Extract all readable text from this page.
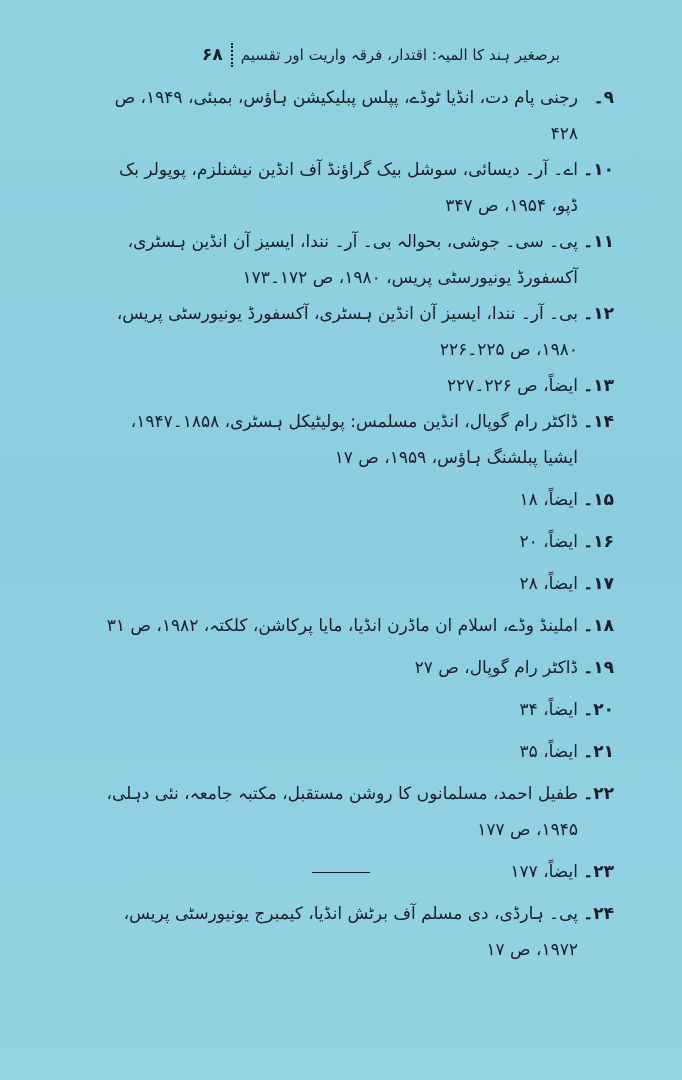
۶۸ برصغیر ہند کا المیہ: اقتدار، فرقہ واریت اور تقسیم
۹۔
رجنی پام دت، انڈیا ٹوڈے، پپلس پبلیکیشن ہاؤس، بمبئی، ۱۹۴۹، ص ۴۲۸
۱۰۔
اے۔ آر۔ دیسائی، سوشل بیک گراؤنڈ آف انڈین نیشنلزم، پوپولر بک ڈپو، ۱۹۵۴، ص ۳۴۷
۱۱۔
پی۔ سی۔ جوشی، بحوالہ بی۔ آر۔ نندا، ایسیز آن انڈین ہسٹری، آکسفورڈ یونیورسٹی پریس، ۱۹۸۰، ص ۱۷۲۔۱۷۳
۱۲۔
بی۔ آر۔ نندا، ایسیز آن انڈین ہسٹری، آکسفورڈ یونیورسٹی پریس، ۱۹۸۰، ص ۲۲۵۔۲۲۶
۱۳۔
ایضاً، ص ۲۲۶۔۲۲۷
۱۴۔
ڈاکٹر رام گوپال، انڈین مسلمس: پولیٹیکل ہسٹری، ۱۸۵۸۔۱۹۴۷، ایشیا پبلشنگ ہاؤس، ۱۹۵۹، ص ۱۷
۱۵۔
ایضاً، ۱۸
۱۶۔
ایضاً، ۲۰
۱۷۔
ایضاً، ۲۸
۱۸۔
املینڈ وڈے، اسلام ان ماڈرن انڈیا، مایا پرکاشن، کلکتہ، ۱۹۸۲، ص ۳۱
۱۹۔
ڈاکٹر رام گوپال، ص ۲۷
۲۰۔
ایضاً، ۳۴
۲۱۔
ایضاً، ۳۵
۲۲۔
طفیل احمد، مسلمانوں کا روشن مستقبل، مکتبہ جامعہ، نئی دہلی، ۱۹۴۵، ص ۱۷۷
۲۳۔
ایضاً، ۱۷۷
۲۴۔
پی۔ ہارڈی، دی مسلم آف برٹش انڈیا، کیمبرج یونیورسٹی پریس، ۱۹۷۲، ص ۱۷
